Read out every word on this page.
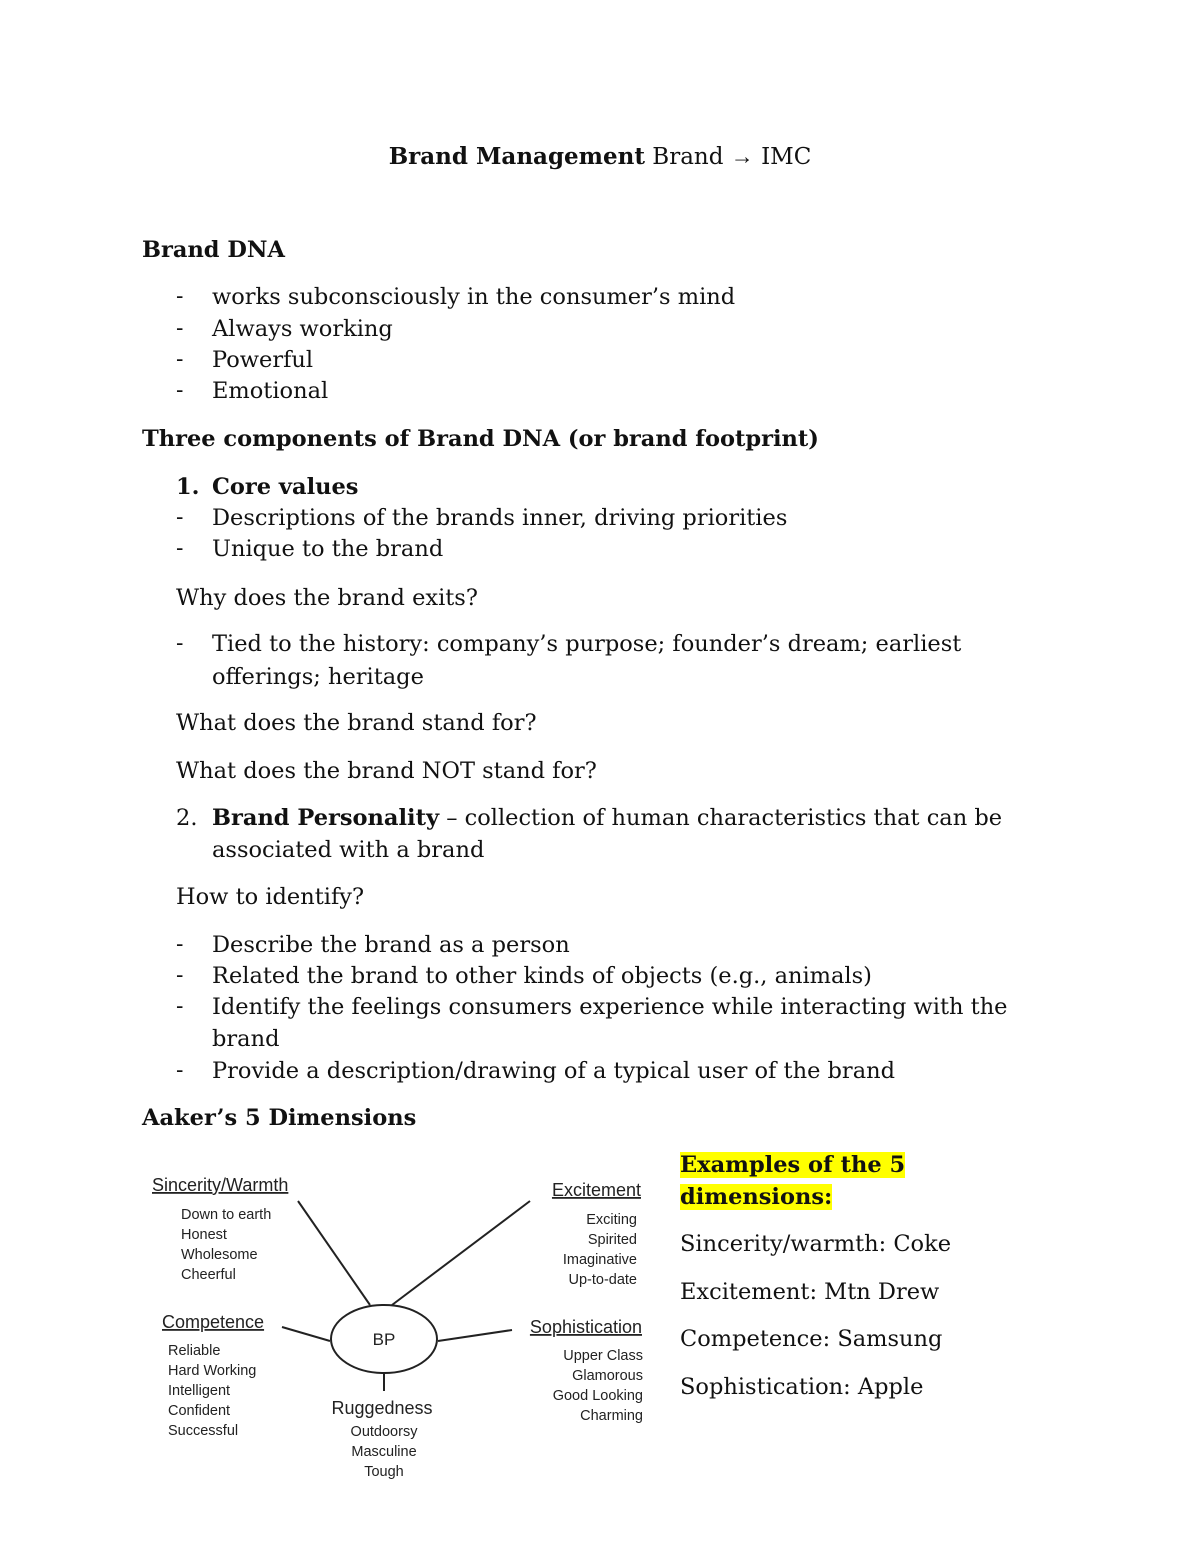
Brand Management Brand → IMC
Brand DNA
- works subconsciously in the consumer’s mind
- Always working
- Powerful
- Emotional
Three components of Brand DNA (or brand footprint)
1. Core values
- Descriptions of the brands inner, driving priorities
- Unique to the brand
Why does the brand exits?
- Tied to the history: company’s purpose; founder’s dream; earliest
offerings; heritage
What does the brand stand for?
What does the brand NOT stand for?
2. Brand Personality – collection of human characteristics that can be
associated with a brand
How to identify?
- Describe the brand as a person
- Related the brand to other kinds of objects (e.g., animals)
- Identify the feelings consumers experience while interacting with the
brand
- Provide a description/drawing of a typical user of the brand
Aaker’s 5 Dimensions
BP
Sincerity/Warmth
Down to earth
Honest
Wholesome
Cheerful
Excitement
Exciting
Spirited
Imaginative
Up-to-date
Competence
Reliable
Hard Working
Intelligent
Confident
Successful
Sophistication
Upper Class
Glamorous
Good Looking
Charming
Ruggedness
Outdoorsy
Masculine
Tough
Examples of the 5
dimensions:
Sincerity/warmth: Coke
Excitement: Mtn Drew
Competence: Samsung
Sophistication: Apple
